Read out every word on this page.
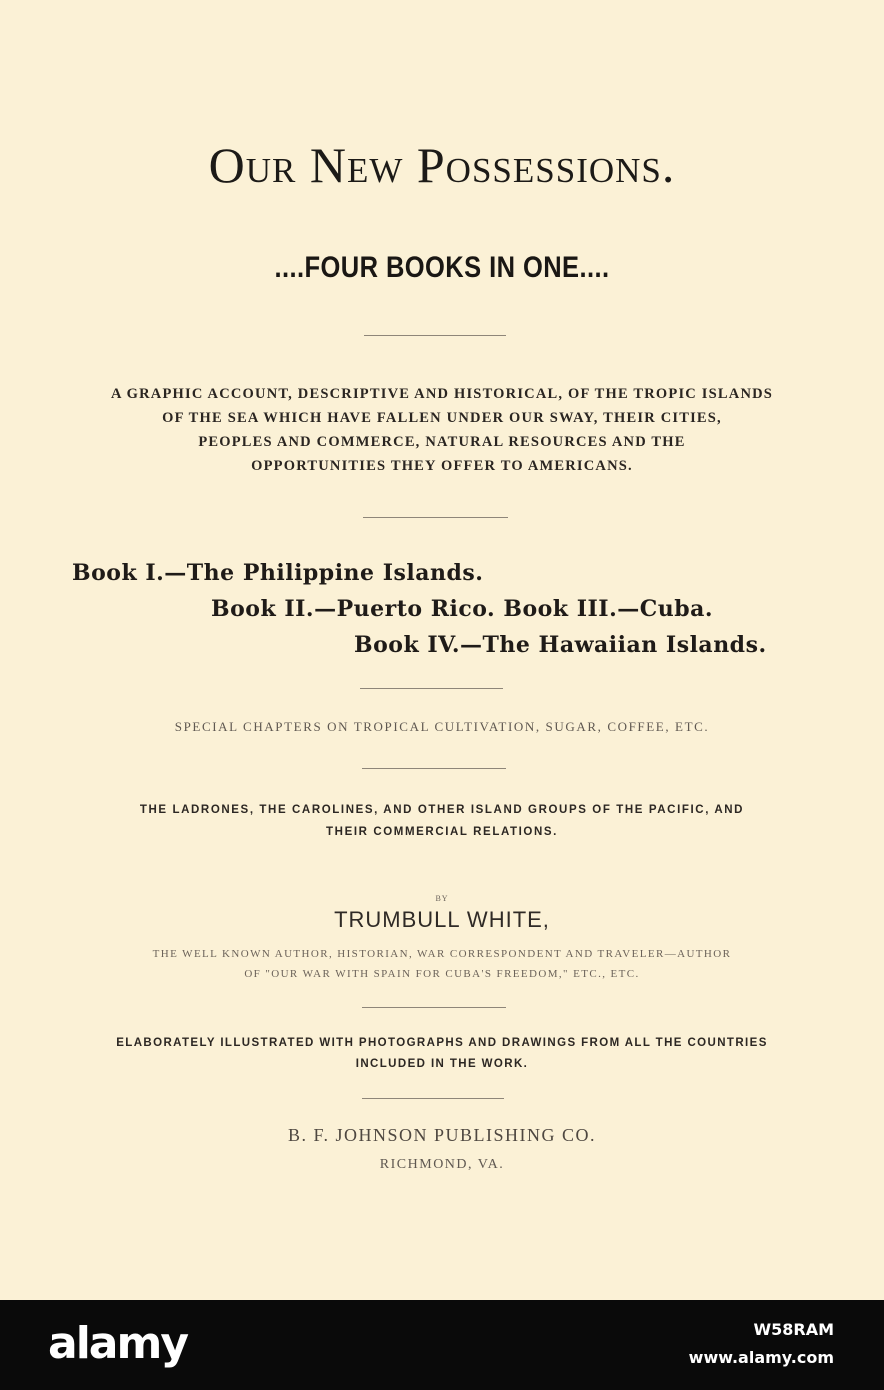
Our New Possessions.
....FOUR BOOKS IN ONE....
A GRAPHIC ACCOUNT, DESCRIPTIVE AND HISTORICAL, OF THE TROPIC ISLANDS
OF THE SEA WHICH HAVE FALLEN UNDER OUR SWAY, THEIR CITIES,
PEOPLES AND COMMERCE, NATURAL RESOURCES AND THE
OPPORTUNITIES THEY OFFER TO AMERICANS.
Book I.—The Philippine Islands.
Book II.—Puerto Rico. Book III.—Cuba.
Book IV.—The Hawaiian Islands.
SPECIAL CHAPTERS ON TROPICAL CULTIVATION, SUGAR, COFFEE, ETC.
THE LADRONES, THE CAROLINES, AND OTHER ISLAND GROUPS OF THE PACIFIC, AND
THEIR COMMERCIAL RELATIONS.
BY
TRUMBULL WHITE,
THE WELL KNOWN AUTHOR, HISTORIAN, WAR CORRESPONDENT AND TRAVELER—AUTHOR
OF "OUR WAR WITH SPAIN FOR CUBA'S FREEDOM," ETC., ETC.
ELABORATELY ILLUSTRATED WITH PHOTOGRAPHS AND DRAWINGS FROM ALL THE COUNTRIES
INCLUDED IN THE WORK.
B. F. JOHNSON PUBLISHING CO.
RICHMOND, VA.
alamy	W58RAM
www.alamy.com
